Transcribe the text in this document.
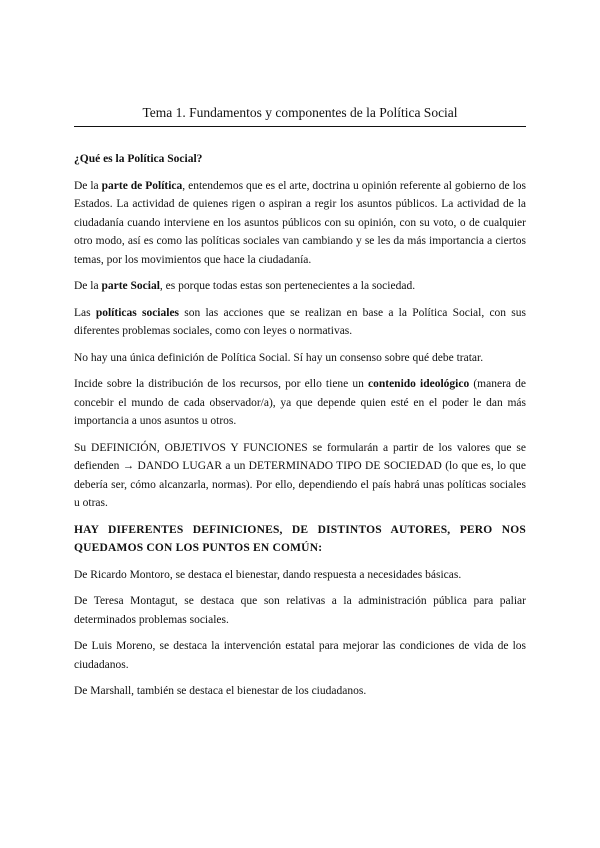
Tema 1. Fundamentos y componentes de la Política Social
¿Qué es la Política Social?

De la parte de Política, entendemos que es el arte, doctrina u opinión referente al gobierno de los Estados. La actividad de quienes rigen o aspiran a regir los asuntos públicos. La actividad de la ciudadanía cuando interviene en los asuntos públicos con su opinión, con su voto, o de cualquier otro modo, así es como las políticas sociales van cambiando y se les da más importancia a ciertos temas, por los movimientos que hace la ciudadanía.

De la parte Social, es porque todas estas son pertenecientes a la sociedad.

Las políticas sociales son las acciones que se realizan en base a la Política Social, con sus diferentes problemas sociales, como con leyes o normativas.

No hay una única definición de Política Social. Sí hay un consenso sobre qué debe tratar.

Incide sobre la distribución de los recursos, por ello tiene un contenido ideológico (manera de concebir el mundo de cada observador/a), ya que depende quien esté en el poder le dan más importancia a unos asuntos u otros.

Su DEFINICIÓN, OBJETIVOS Y FUNCIONES se formularán a partir de los valores que se defienden → DANDO LUGAR a un DETERMINADO TIPO DE SOCIEDAD (lo que es, lo que debería ser, cómo alcanzarla, normas). Por ello, dependiendo el país habrá unas políticas sociales u otras.

HAY DIFERENTES DEFINICIONES, DE DISTINTOS AUTORES, PERO NOS QUEDAMOS CON LOS PUNTOS EN COMÚN:

De Ricardo Montoro, se destaca el bienestar, dando respuesta a necesidades básicas.

De Teresa Montagut, se destaca que son relativas a la administración pública para paliar determinados problemas sociales.

De Luis Moreno, se destaca la intervención estatal para mejorar las condiciones de vida de los ciudadanos.

De Marshall, también se destaca el bienestar de los ciudadanos.
